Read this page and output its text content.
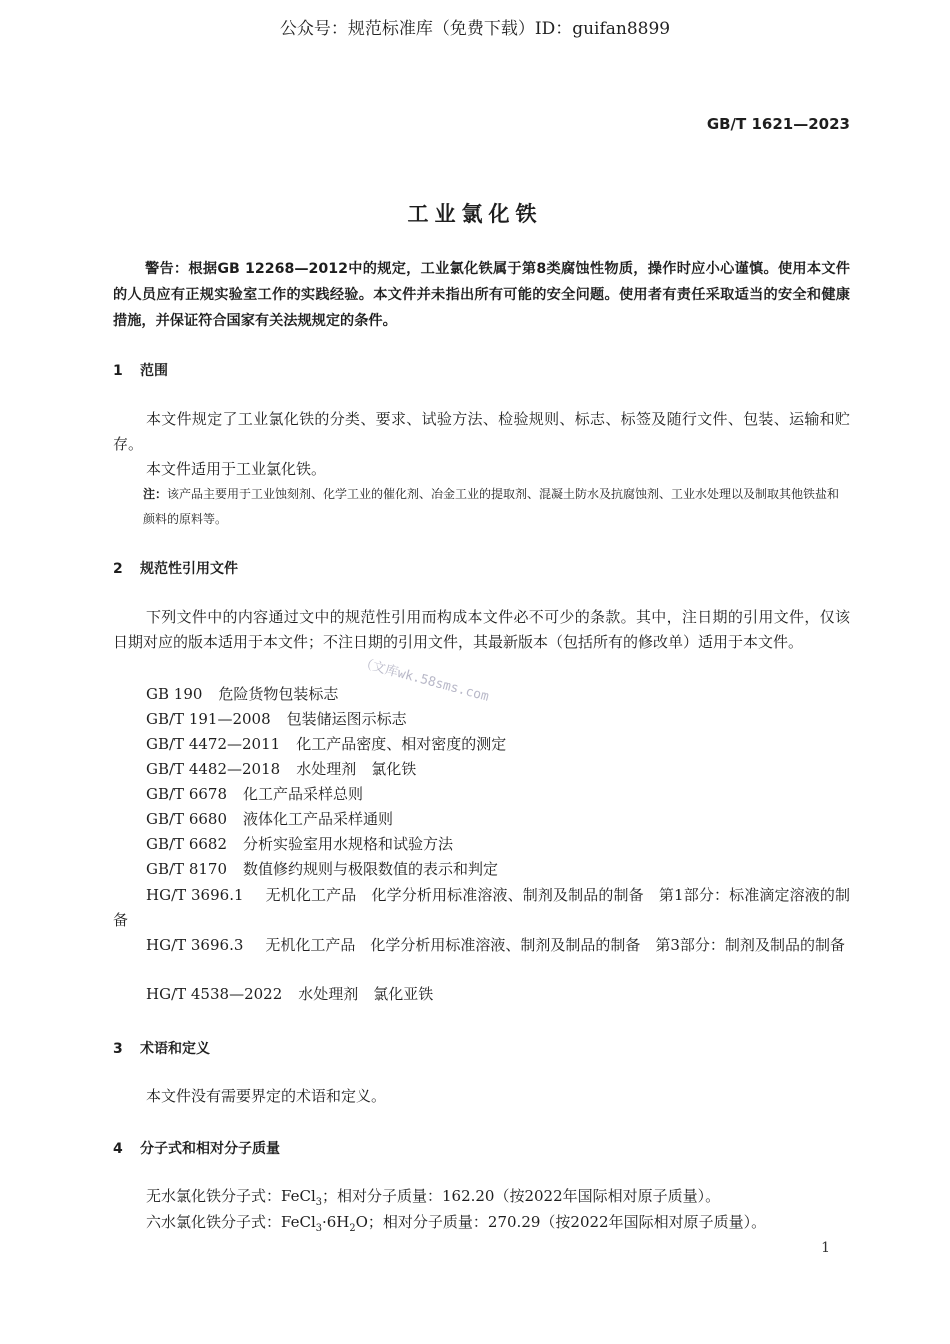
公众号：规范标准库（免费下载）ID：guifan8899
GB/T 1621—2023
工业氯化铁
警告：根据GB 12268—2012中的规定，工业氯化铁属于第8类腐蚀性物质，操作时应小心谨慎。使用本文件的人员应有正规实验室工作的实践经验。本文件并未指出所有可能的安全问题。使用者有责任采取适当的安全和健康措施，并保证符合国家有关法规规定的条件。
1 范围
本文件规定了工业氯化铁的分类、要求、试验方法、检验规则、标志、标签及随行文件、包装、运输和贮存。
本文件适用于工业氯化铁。
注：该产品主要用于工业蚀刻剂、化学工业的催化剂、冶金工业的提取剂、混凝土防水及抗腐蚀剂、工业水处理以及制取其他铁盐和颜料的原料等。
2 规范性引用文件
下列文件中的内容通过文中的规范性引用而构成本文件必不可少的条款。其中，注日期的引用文件，仅该日期对应的版本适用于本文件；不注日期的引用文件，其最新版本（包括所有的修改单）适用于本文件。
GB 190 危险货物包装标志
GB/T 191—2008 包装储运图示标志
GB/T 4472—2011 化工产品密度、相对密度的测定
GB/T 4482—2018 水处理剂　氯化铁
GB/T 6678 化工产品采样总则
GB/T 6680 液体化工产品采样通则
GB/T 6682 分析实验室用水规格和试验方法
GB/T 8170 数值修约规则与极限数值的表示和判定
HG/T 3696.1 无机化工产品　化学分析用标准溶液、制剂及制品的制备　第1部分：标准滴定溶液的制备
HG/T 3696.3 无机化工产品　化学分析用标准溶液、制剂及制品的制备　第3部分：制剂及制品的制备
HG/T 4538—2022 水处理剂　氯化亚铁
3 术语和定义
本文件没有需要界定的术语和定义。
4 分子式和相对分子质量
无水氯化铁分子式：FeCl$_3$；相对分子质量：162.20（按2022年国际相对原子质量）。
六水氯化铁分子式：$FeCl_3\cdot 6H_2O$；相对分子质量：270.29（按2022年国际相对原子质量）。
（文库wk.58sms.com
1
